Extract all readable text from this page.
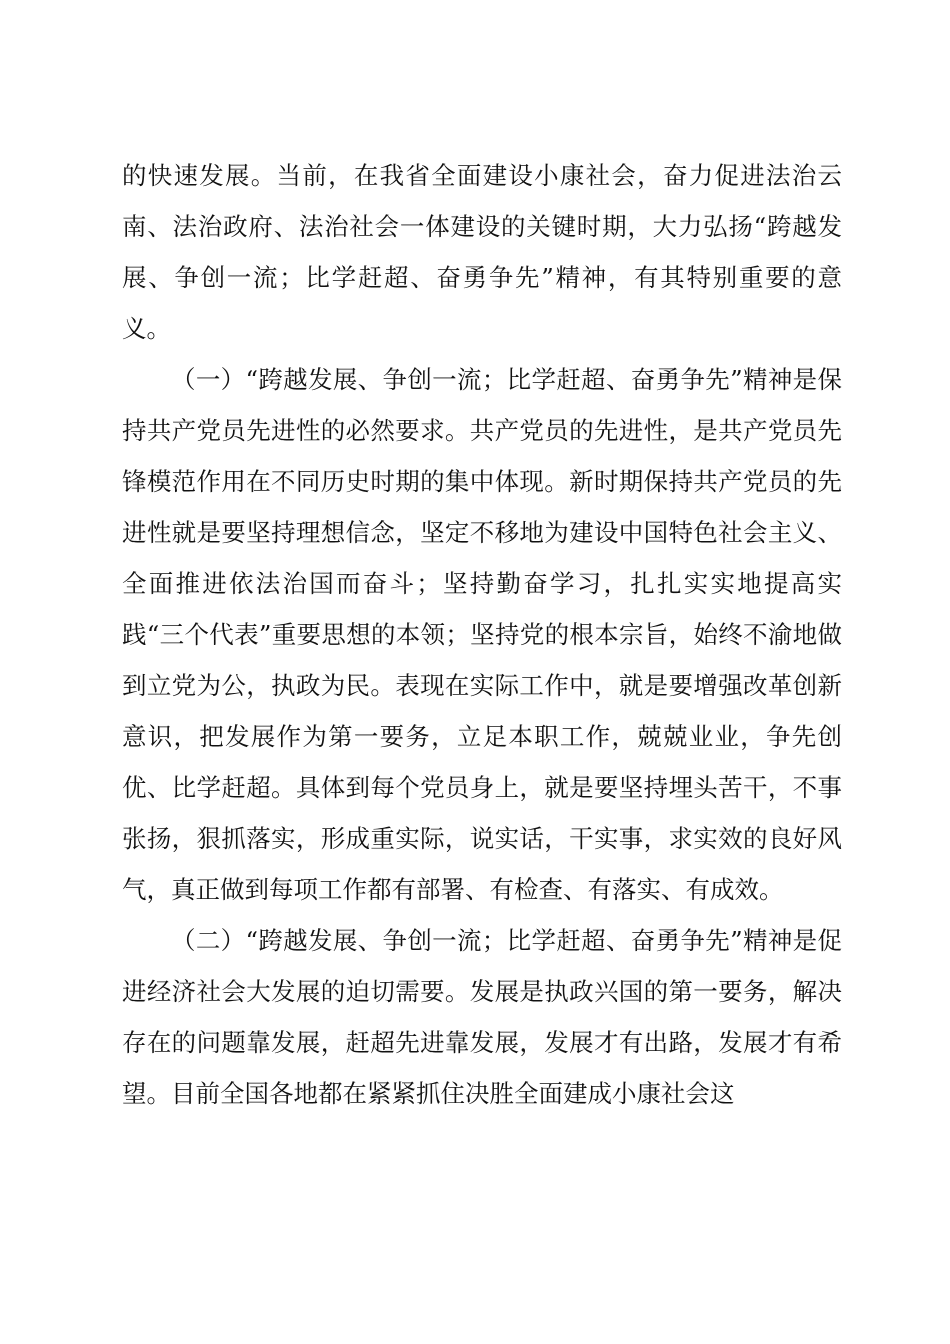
的快速发展。当前，在我省全面建设小康社会，奋力促进法治云南、法治政府、法治社会一体建设的关键时期，大力弘扬“跨越发展、争创一流；比学赶超、奋勇争先”精神，有其特别重要的意义。

（一）“跨越发展、争创一流；比学赶超、奋勇争先”精神是保持共产党员先进性的必然要求。共产党员的先进性，是共产党员先锋模范作用在不同历史时期的集中体现。新时期保持共产党员的先进性就是要坚持理想信念，坚定不移地为建设中国特色社会主义、全面推进依法治国而奋斗；坚持勤奋学习，扎扎实实地提高实践“三个代表”重要思想的本领；坚持党的根本宗旨，始终不渝地做到立党为公，执政为民。表现在实际工作中，就是要增强改革创新意识，把发展作为第一要务，立足本职工作，兢兢业业，争先创优、比学赶超。具体到每个党员身上，就是要坚持埋头苦干，不事张扬，狠抓落实，形成重实际，说实话，干实事，求实效的良好风气，真正做到每项工作都有部署、有检查、有落实、有成效。

（二）“跨越发展、争创一流；比学赶超、奋勇争先”精神是促进经济社会大发展的迫切需要。发展是执政兴国的第一要务，解决存在的问题靠发展，赶超先进靠发展，发展才有出路，发展才有希望。目前全国各地都在紧紧抓住决胜全面建成小康社会这
